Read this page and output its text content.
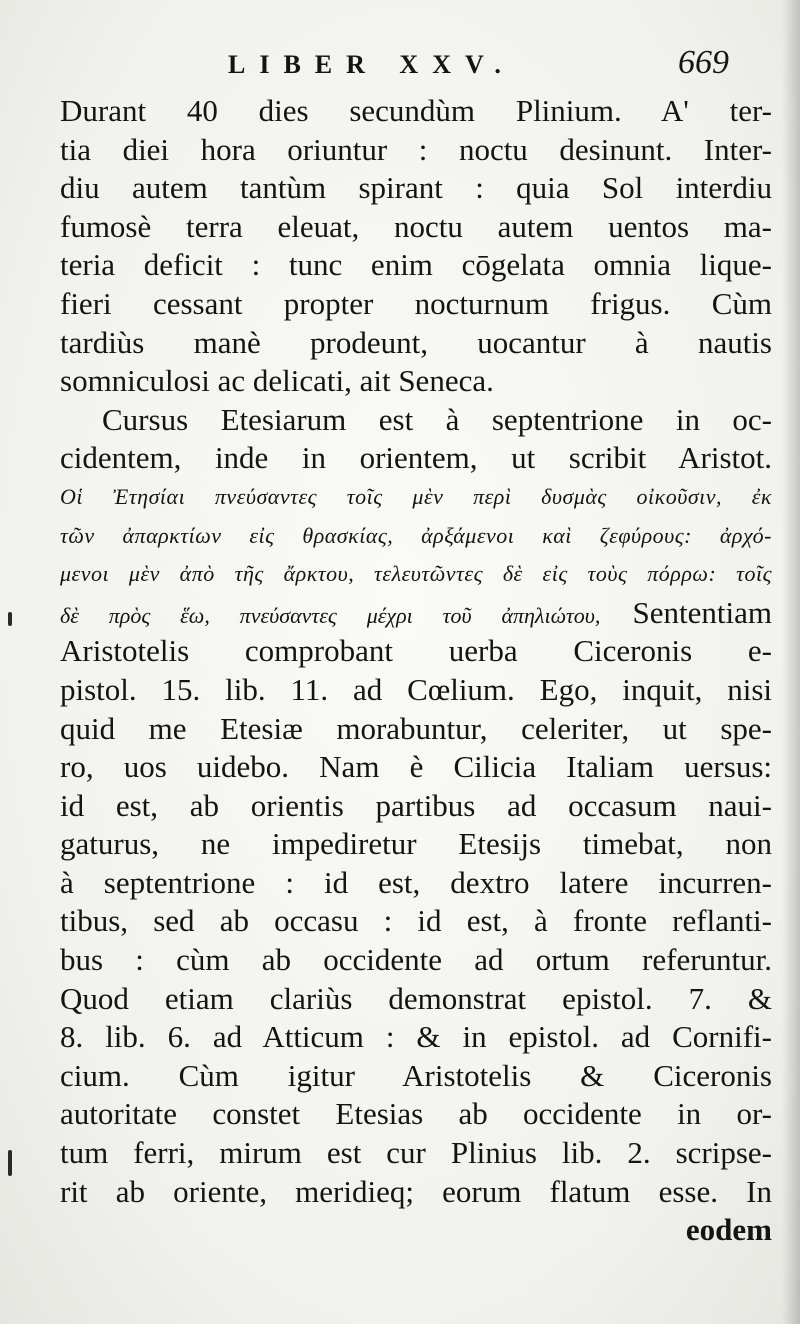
LIBER XXV.	669
Durant 40 dies secundùm Plinium. A' ter-
tia diei hora oriuntur : noctu desinunt. Inter-
diu autem tantùm spirant : quia Sol interdiu
fumosè terra eleuat, noctu autem uentos ma-
teria deficit : tunc enim cōgelata omnia lique-
fieri cessant propter nocturnum frigus. Cùm
tardiùs manè prodeunt, uocantur à nautis
somniculosi ac delicati, ait Seneca.
Cursus Etesiarum est à septentrione in oc-
cidentem, inde in orientem, ut scribit Aristot.
Οἱ Ἐτησίαι πνεύσαντες τοῖς μὲν περὶ δυσμὰς οἰκοῦσιν, ἐκ
τῶν ἀπαρκτίων εἰς θρασκίας, ἀρξάμενοι καὶ ζεφύρους: ἀρχό-
μενοι μὲν ἀπὸ τῆς ἄρκτου, τελευτῶντες δὲ εἰς τοὺς πόρρω: τοῖς
δὲ πρὸς ἕω, πνεύσαντες μέχρι τοῦ ἀπηλιώτου, Sententiam
Aristotelis comprobant uerba Ciceronis e-
pistol. 15. lib. 11. ad Cœlium. Ego, inquit, nisi
quid me Etesiæ morabuntur, celeriter, ut spe-
ro, uos uidebo. Nam è Cilicia Italiam uersus:
id est, ab orientis partibus ad occasum naui-
gaturus, ne impediretur Etesijs timebat, non
à septentrione : id est, dextro latere incurren-
tibus, sed ab occasu : id est, à fronte reflanti-
bus : cùm ab occidente ad ortum referuntur.
Quod etiam clariùs demonstrat epistol. 7. &
8. lib. 6. ad Atticum : & in epistol. ad Cornifi-
cium. Cùm igitur Aristotelis & Ciceronis
autoritate constet Etesias ab occidente in or-
tum ferri, mirum est cur Plinius lib. 2. scripse-
rit ab oriente, meridieq; eorum flatum esse. In
eodem
